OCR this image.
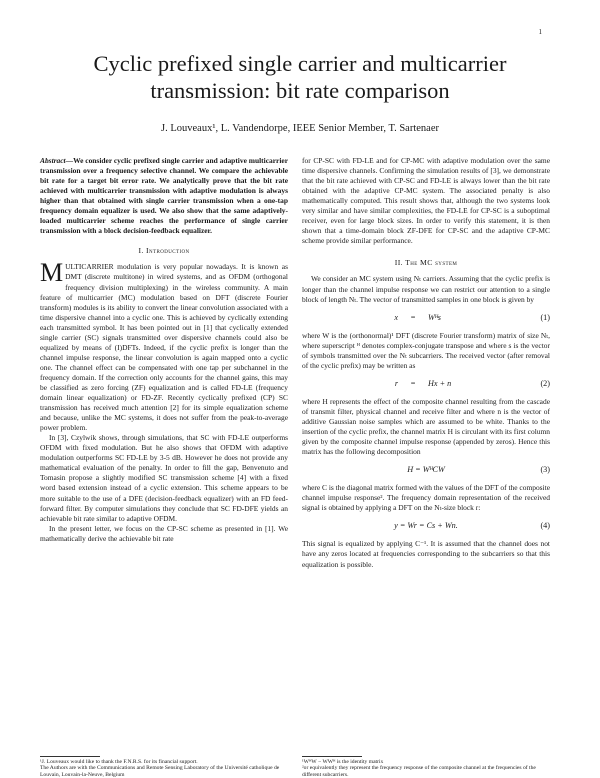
1
Cyclic prefixed single carrier and multicarrier transmission: bit rate comparison
J. Louveaux¹, L. Vandendorpe, IEEE Senior Member, T. Sartenaer

Abstract—We consider cyclic prefixed single carrier and adaptive multicarrier transmission over a frequency selective channel. We compare the achievable bit rate for a target bit error rate. We analytically prove that the bit rate achieved with multicarrier transmission with adaptive modulation is always higher than that obtained with single carrier transmission when a one-tap frequency domain equalizer is used. We also show that the same adaptively-loaded multicarrier scheme reaches the performance of single carrier transmission with a block decision-feedback equalizer.

I. Introduction

MULTICARRIER modulation is very popular nowadays. It is known as DMT (discrete multitone) in wired systems, and as OFDM (orthogonal frequency division multiplexing) in the wireless community. A main feature of multicarrier (MC) modulation based on DFT (discrete Fourier transform) modules is its ability to convert the linear convolution associated with a time dispersive channel into a cyclic one. This is achieved by cyclically extending each transmitted symbol. It has been pointed out in [1] that cyclically extended single carrier (SC) signals transmitted over dispersive channels could also be equalized by means of (I)DFTs. Indeed, if the cyclic prefix is longer than the channel impulse response, the linear convolution is again mapped onto a cyclic one. The channel effect can be compensated with one tap per subchannel in the frequency domain. If the correction only accounts for the channel gains, this may be classified as zero forcing (ZF) equalization and is called FD-LE (frequency domain linear equalization) or FD-ZF. Recently cyclically prefixed (CP) SC transmission has received much attention [2] for its simple equalization scheme and because, unlike the MC systems, it does not suffer from the peak-to-average power problem.

In [3], Czylwik shows, through simulations, that SC with FD-LE outperforms OFDM with fixed modulation. But he also shows that OFDM with adaptive modulation outperforms SC FD-LE by 3-5 dB. However he does not provide any mathematical evaluation of the penalty. In order to fill the gap, Benvenuto and Tomasin propose a slightly modified SC transmission scheme [4] with a fixed word based extension instead of a cyclic extension. This scheme appears to be more suitable to the use of a DFE (decision-feedback equalizer) with an FD feed-forward filter. By computer simulations they conclude that SC FD-DFE yields an achievable bit rate similar to adaptive OFDM.

In the present letter, we focus on the CP-SC scheme as presented in [1]. We mathematically derive the achievable bit rate

¹J. Louveaux would like to thank the F.N.R.S. for its financial support.

The Authors are with the Communications and Remote Sensing Laboratory of the Université catholique de Louvain, Louvain-la-Neuve, Belgium

for CP-SC with FD-LE and for CP-MC with adaptive modulation over the same time dispersive channels. Confirming the simulation results of [3], we demonstrate that the bit rate achieved with CP-SC and FD-LE is always lower than the bit rate obtained with the adaptive CP-MC system. The associated penalty is also mathematically computed. This result shows that, although the two systems look very similar and have similar complexities, the FD-LE for CP-SC is a suboptimal receiver, even for large block sizes. In order to verify this statement, it is then shown that a time-domain block ZF-DFE for CP-SC and the adaptive CP-MC scheme provide similar performance.

II. The MC system

We consider an MC system using Nₜ carriers. Assuming that the cyclic prefix is longer than the channel impulse response we can restrict our attention to a single block of length Nₜ. The vector of transmitted samples in one block is given by

x	=	Wᴴs	(1)

where W is the (orthonormal)¹ DFT (discrete Fourier transform) matrix of size Nₜ, where superscript ᴴ denotes complex-conjugate transpose and where s is the vector of symbols transmitted over the Nₜ subcarriers. The received vector (after removal of the cyclic prefix) may be written as

r	=	Hx + n	(2)

where H represents the effect of the composite channel resulting from the cascade of transmit filter, physical channel and receive filter and where n is the vector of additive Gaussian noise samples which are assumed to be white. Thanks to the insertion of the cyclic prefix, the channel matrix H is circulant with its first column given by the composite channel impulse response (appended by zeros). Hence this matrix has the following decomposition

H = WᴴCW	(3)

where C is the diagonal matrix formed with the values of the DFT of the composite channel impulse response². The frequency domain representation of the received signal is obtained by applying a DFT on the Nₜ-size block r:

y = Wr = Cs + Wn.	(4)

This signal is equalized by applying C⁻¹. It is assumed that the channel does not have any zeros located at frequencies corresponding to the subcarriers so that this equalization is possible.

¹WᴴW − WWᴴ is the identity matrix

²or equivalently they represent the frequency response of the composite channel at the frequencies of the different subcarriers.
